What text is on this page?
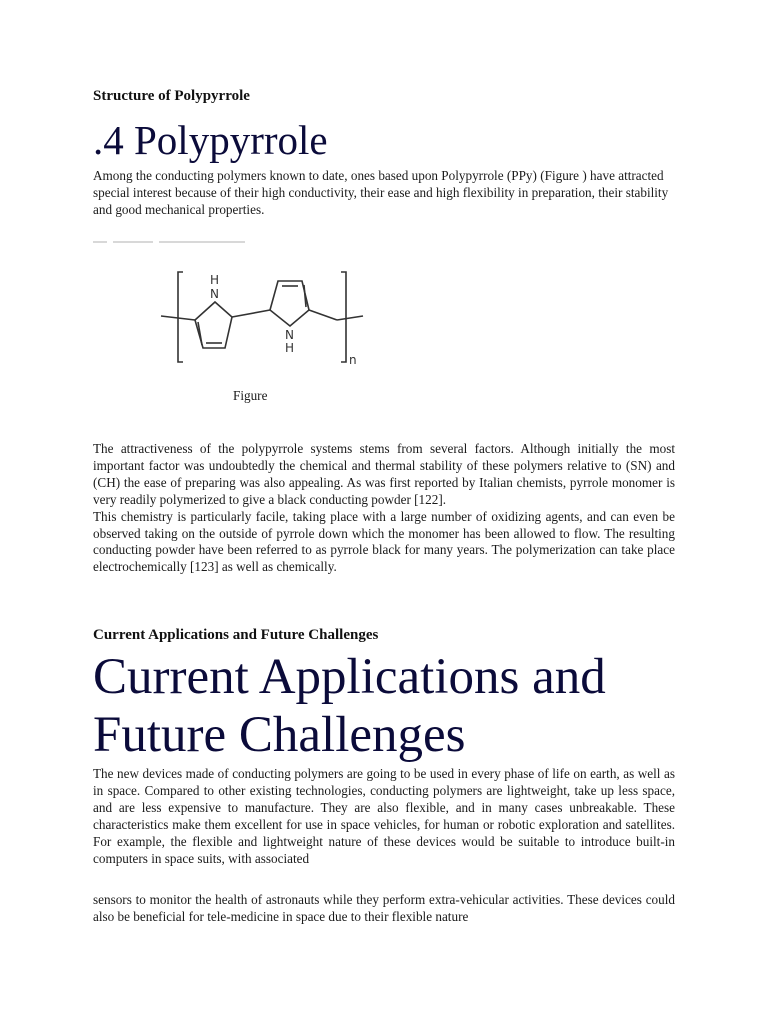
Structure of Polypyrrole
.4 Polypyrrole
Among the conducting polymers known to date, ones based upon Polypyrrole (PPy) (Figure ) have attracted special interest because of their high conductivity, their ease and high flexibility in preparation, their stability and good mechanical properties.
H
N
N
H
n
Figure
The attractiveness of the polypyrrole systems stems from several factors. Although initially the most important factor was undoubtedly the chemical and thermal stability of these polymers relative to (SN) and (CH) the ease of preparing was also appealing. As was first reported by Italian chemists, pyrrole monomer is very readily polymerized to give a black conducting powder [122].
This chemistry is particularly facile, taking place with a large number of oxidizing agents, and can even be observed taking on the outside of pyrrole down which the monomer has been allowed to flow. The resulting conducting powder have been referred to as pyrrole black for many years. The polymerization can take place electrochemically [123] as well as chemically.
Current Applications and Future Challenges
Current Applications and Future Challenges
The new devices made of conducting polymers are going to be used in every phase of life on earth, as well as in space. Compared to other existing technologies, conducting polymers are lightweight, take up less space, and are less expensive to manufacture. They are also flexible, and in many cases unbreakable. These characteristics make them excellent for use in space vehicles, for human or robotic exploration and satellites. For example, the flexible and lightweight nature of these devices would be suitable to introduce built-in computers in space suits, with associated
sensors to monitor the health of astronauts while they perform extra-vehicular activities. These devices could also be beneficial for tele-medicine in space due to their flexible nature
